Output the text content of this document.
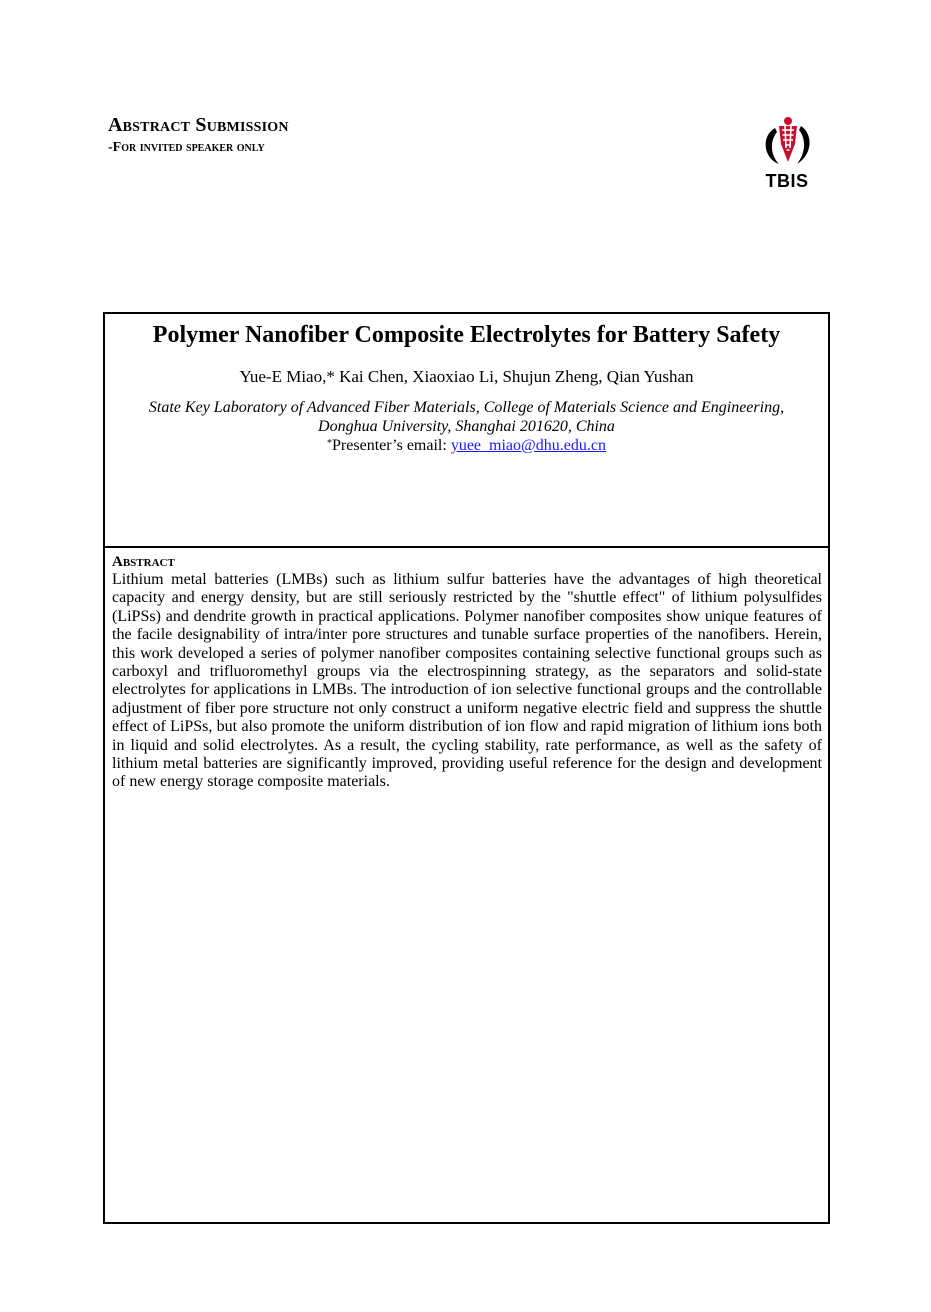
Abstract Submission
-For invited speaker only
TBIS
Polymer Nanofiber Composite Electrolytes for Battery Safety
Yue-E Miao,* Kai Chen, Xiaoxiao Li, Shujun Zheng, Qian Yushan
State Key Laboratory of Advanced Fiber Materials, College of Materials Science and Engineering, Donghua University, Shanghai 201620, China
*Presenter’s email: yuee_miao@dhu.edu.cn
Abstract

Lithium metal batteries (LMBs) such as lithium sulfur batteries have the advantages of high theoretical capacity and energy density, but are still seriously restricted by the "shuttle effect" of lithium polysulfides (LiPSs) and dendrite growth in practical applications. Polymer nanofiber composites show unique features of the facile designability of intra/inter pore structures and tunable surface properties of the nanofibers. Herein, this work developed a series of polymer nanofiber composites containing selective functional groups such as carboxyl and trifluoromethyl groups via the electrospinning strategy, as the separators and solid-state electrolytes for applications in LMBs. The introduction of ion selective functional groups and the controllable adjustment of fiber pore structure not only construct a uniform negative electric field and suppress the shuttle effect of LiPSs, but also promote the uniform distribution of ion flow and rapid migration of lithium ions both in liquid and solid electrolytes. As a result, the cycling stability, rate performance, as well as the safety of lithium metal batteries are significantly improved, providing useful reference for the design and development of new energy storage composite materials.
